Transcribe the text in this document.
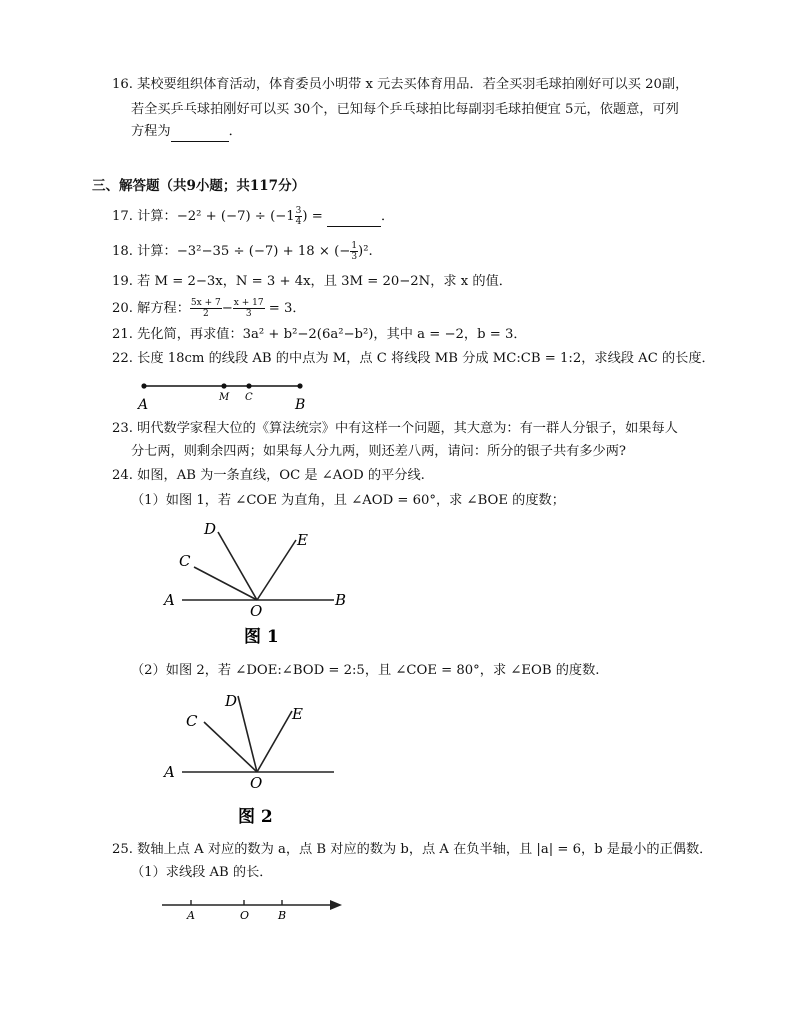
16. 某校要组织体育活动，体育委员小明带 x 元去买体育用品．若全买羽毛球拍刚好可以买 20副，
若全买乒乓球拍刚好可以买 30个，已知每个乒乓球拍比每副羽毛球拍便宜 5元，依题意，可列
方程为	．
三、解答题（共9小题；共117分）
17. 计算：$-2^2 + (-7) \div (-1 \frac{3}{4}$ ) =	．
18. 计算：−3²−35 ÷ (−7) + 18 × (− $\frac{1}{3} )^2$.
19. 若 M = 2−3x，N = 3 + 4x，且 3M = 20−2N，求 x 的值．
20. 解方程： $\frac{5x + 7}{2} - \frac{x + 17}{3} = 3$．
21. 先化简，再求值：3a² + b²−2(6a²−b²)，其中 a = −2，b = 3．
22. 长度 18cm 的线段 AB 的中点为 M，点 C 将线段 MB 分成 MC:CB = 1:2，求线段 AC 的长度．
A	M C	B
23. 明代数学家程大位的《算法统宗》中有这样一个问题，其大意为：有一群人分银子，如果每人
分七两，则剩余四两；如果每人分九两，则还差八两，请问：所分的银子共有多少两?
24. 如图，AB 为一条直线，OC 是 ∠AOD 的平分线.
（1）如图 1，若 ∠COE 为直角，且 ∠AOD = 60°，求 ∠BOE 的度数；
A	B
C
D
E
O
图 1
（2）如图 2，若 ∠DOE:∠BOD = 2:5，且 ∠COE = 80°，求 ∠EOB 的度数.
A
C
D
E
O
图 2
25. 数轴上点 A 对应的数为 a，点 B 对应的数为 b，点 A 在负半轴，且 |a| = 6，b 是最小的正偶数．
（1）求线段 AB 的长．
A	O	B
